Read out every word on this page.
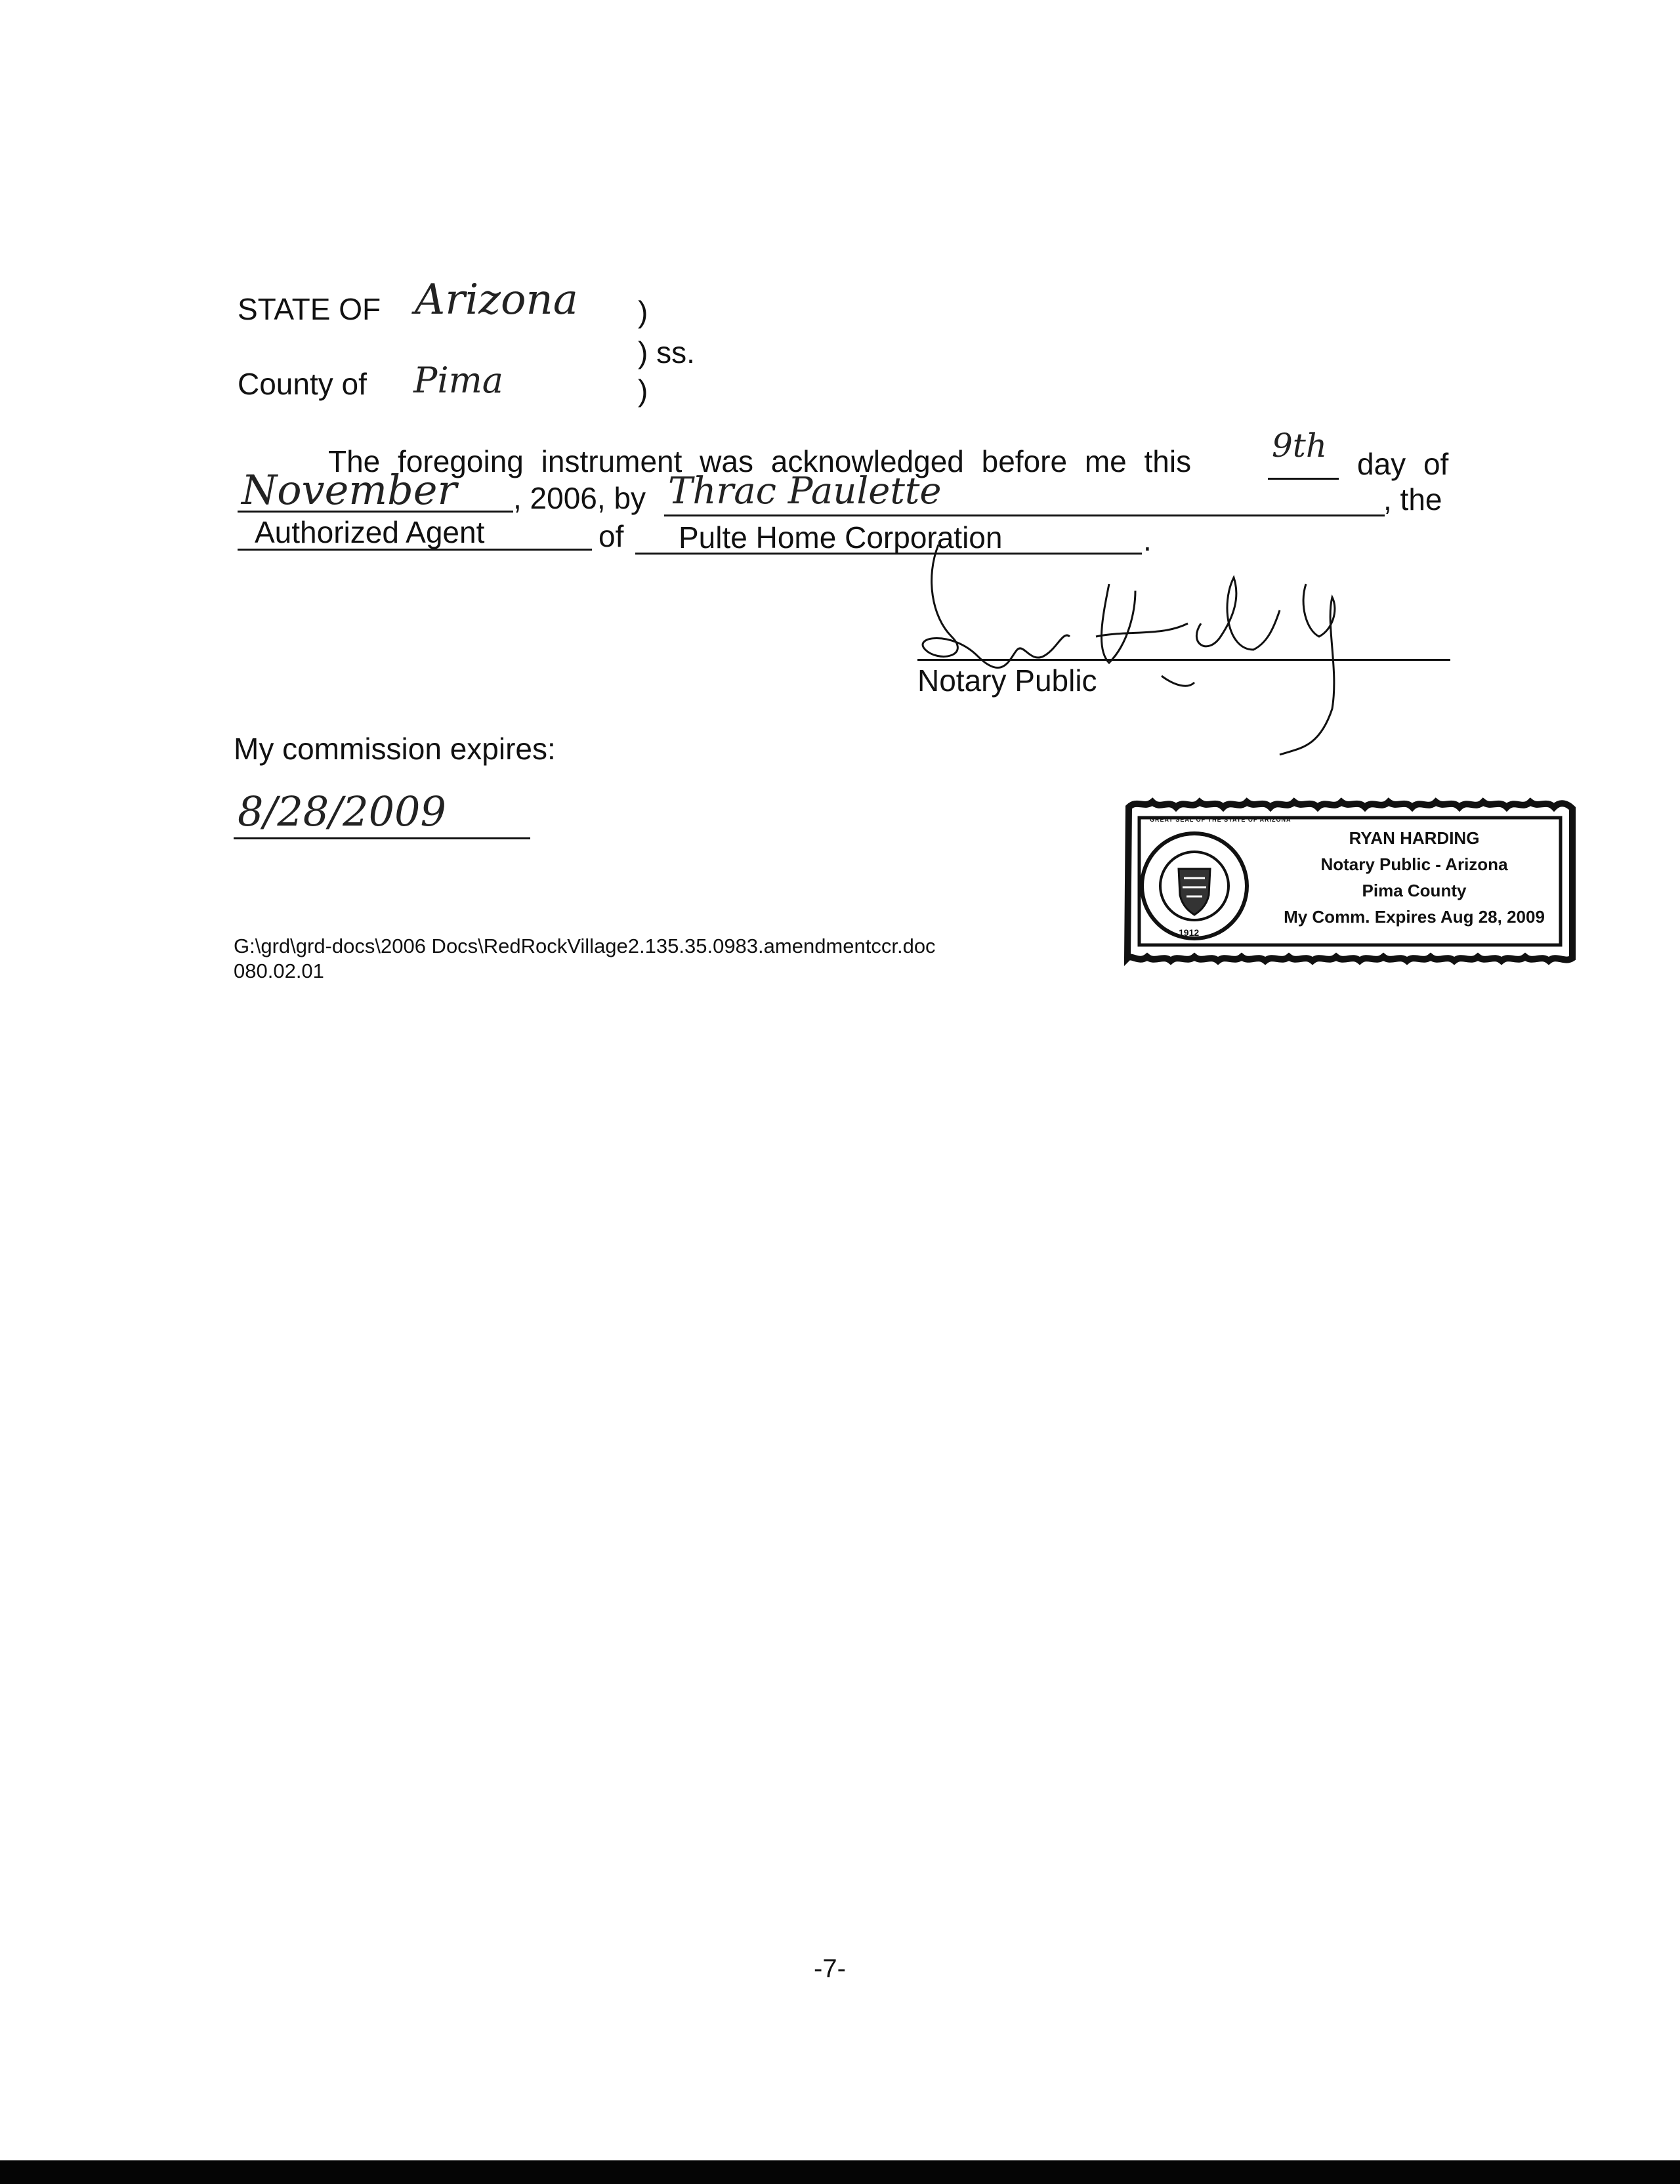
STATE OF Arizona
County of Pima
)
) ss.
)
The foregoing instrument was acknowledged before me this 9th day of
November , 2006, by Thrac Paulette	, the
Authorized Agent	of Pulte Home Corporation	.
Notary Public
My commission expires:
8/28/2009
1912
GREAT SEAL OF THE STATE OF ARIZONA
RYAN HARDING
Notary Public - Arizona
Pima County
My Comm. Expires Aug 28, 2009
G:\grd\grd-docs\2006 Docs\RedRockVillage2.135.35.0983.amendmentccr.doc
080.02.01
-7-
